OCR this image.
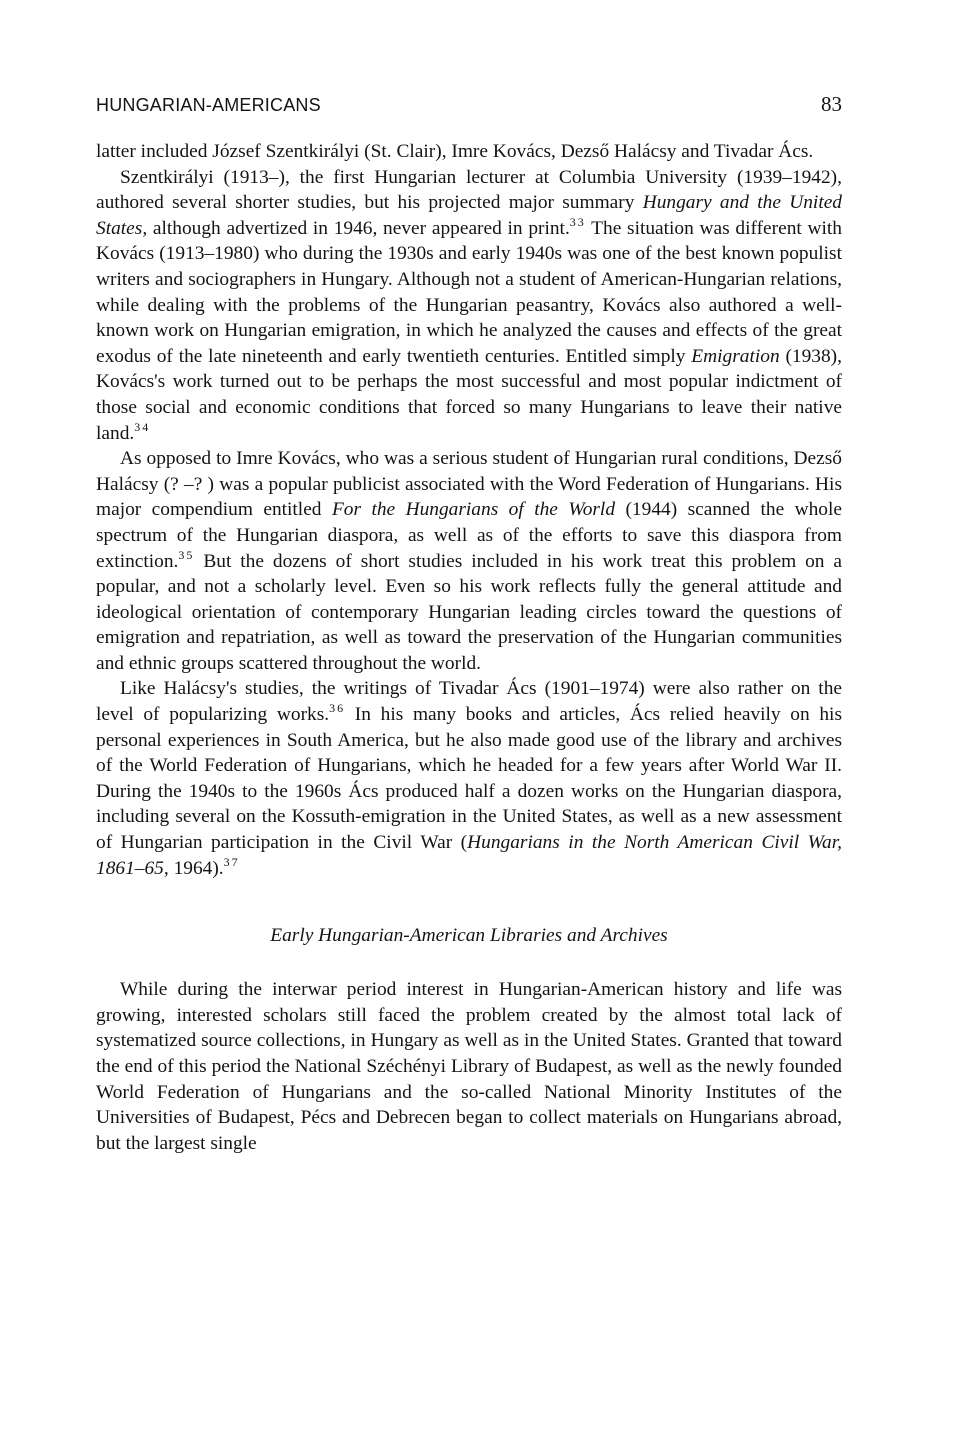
HUNGARIAN-AMERICANS	83

latter included József Szentkirályi (St. Clair), Imre Kovács, Dezső Halácsy and Tivadar Ács.

Szentkirályi (1913–), the first Hungarian lecturer at Columbia University (1939–1942), authored several shorter studies, but his projected major summary Hungary and the United States, although advertized in 1946, never appeared in print.$^{33}$ The situation was different with Kovács (1913–1980) who during the 1930s and early 1940s was one of the best known populist writers and sociographers in Hungary. Although not a student of American-Hungarian relations, while dealing with the problems of the Hungarian peasantry, Kovács also authored a well-known work on Hungarian emigration, in which he analyzed the causes and effects of the great exodus of the late nineteenth and early twentieth centuries. Entitled simply Emigration (1938), Kovács's work turned out to be perhaps the most successful and most popular indictment of those social and economic conditions that forced so many Hungarians to leave their native land.$^{34}$

As opposed to Imre Kovács, who was a serious student of Hungarian rural conditions, Dezső Halácsy (? –? ) was a popular publicist associated with the Word Federation of Hungarians. His major compendium entitled For the Hungarians of the World (1944) scanned the whole spectrum of the Hungarian diaspora, as well as of the efforts to save this diaspora from extinction.$^{35}$ But the dozens of short studies included in his work treat this problem on a popular, and not a scholarly level. Even so his work reflects fully the general attitude and ideological orientation of contemporary Hungarian leading circles toward the questions of emigration and repatriation, as well as toward the preservation of the Hungarian communities and ethnic groups scattered throughout the world.

Like Halácsy's studies, the writings of Tivadar Ács (1901–1974) were also rather on the level of popularizing works.$^{36}$ In his many books and articles, Ács relied heavily on his personal experiences in South America, but he also made good use of the library and archives of the World Federation of Hungarians, which he headed for a few years after World War II. During the 1940s to the 1960s Ács produced half a dozen works on the Hungarian diaspora, including several on the Kossuth-emigration in the United States, as well as a new assessment of Hungarian participation in the Civil War (Hungarians in the North American Civil War, 1861–65, 1964).$^{37}$

Early Hungarian-American Libraries and Archives

While during the interwar period interest in Hungarian-American history and life was growing, interested scholars still faced the problem created by the almost total lack of systematized source collections, in Hungary as well as in the United States. Granted that toward the end of this period the National Széchényi Library of Budapest, as well as the newly founded World Federation of Hungarians and the so-called National Minority Institutes of the Universities of Budapest, Pécs and Debrecen began to collect materials on Hungarians abroad, but the largest single
